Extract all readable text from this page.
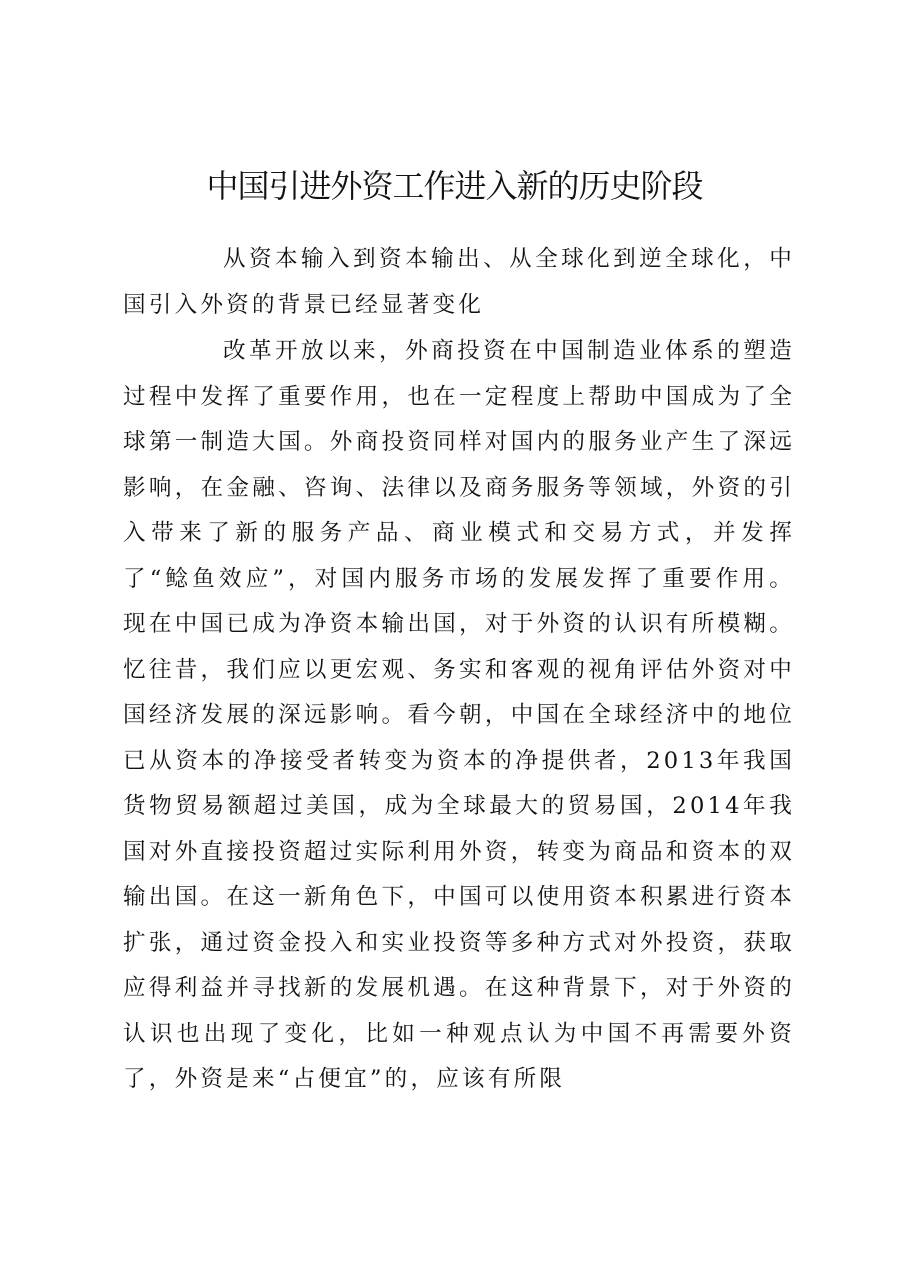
中国引进外资工作进入新的历史阶段

从资本输入到资本输出、从全球化到逆全球化，中国引入外资的背景已经显著变化

改革开放以来，外商投资在中国制造业体系的塑造过程中发挥了重要作用，也在一定程度上帮助中国成为了全球第一制造大国。外商投资同样对国内的服务业产生了深远影响，在金融、咨询、法律以及商务服务等领域，外资的引入带来了新的服务产品、商业模式和交易方式，并发挥了“鲶鱼效应”，对国内服务市场的发展发挥了重要作用。现在中国已成为净资本输出国，对于外资的认识有所模糊。忆往昔，我们应以更宏观、务实和客观的视角评估外资对中国经济发展的深远影响。看今朝，中国在全球经济中的地位已从资本的净接受者转变为资本的净提供者，2013年我国货物贸易额超过美国，成为全球最大的贸易国，2014年我国对外直接投资超过实际利用外资，转变为商品和资本的双输出国。在这一新角色下，中国可以使用资本积累进行资本扩张，通过资金投入和实业投资等多种方式对外投资，获取应得利益并寻找新的发展机遇。在这种背景下，对于外资的认识也出现了变化，比如一种观点认为中国不再需要外资了，外资是来“占便宜”的，应该有所限
